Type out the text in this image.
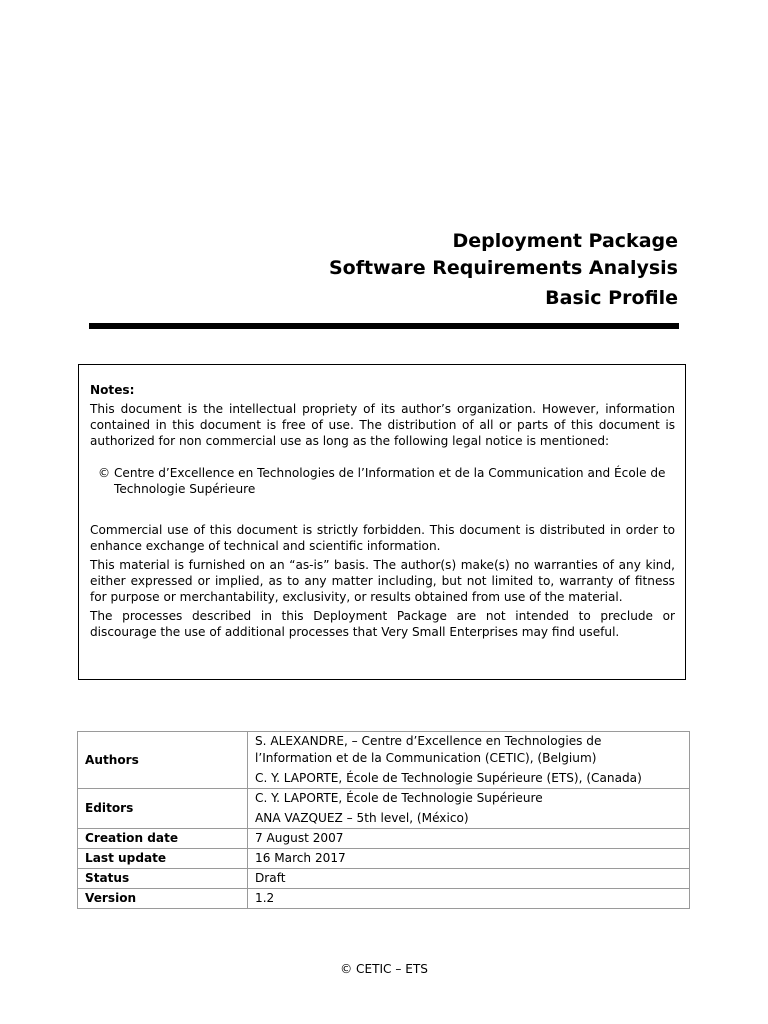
Deployment Package
Software Requirements Analysis
Basic Profile

Notes:

This document is the intellectual propriety of its author’s organization. However, information contained in this document is free of use. The distribution of all or parts of this document is authorized for non commercial use as long as the following legal notice is mentioned:

© Centre d’Excellence en Technologies de l’Information et de la Communication and École de Technologie Supérieure

Commercial use of this document is strictly forbidden. This document is distributed in order to enhance exchange of technical and scientific information.

This material is furnished on an “as-is” basis. The author(s) make(s) no warranties of any kind, either expressed or implied, as to any matter including, but not limited to, warranty of fitness for purpose or merchantability, exclusivity, or results obtained from use of the material.

The processes described in this Deployment Package are not intended to preclude or discourage the use of additional processes that Very Small Enterprises may find useful.

Authors	S. ALEXANDRE, – Centre d’Excellence en Technologies de l’Information et de la Communication (CETIC), (Belgium)
C. Y. LAPORTE, École de Technologie Supérieure (ETS), (Canada)

Editors	C. Y. LAPORTE, École de Technologie Supérieure
ANA VAZQUEZ – 5th level, (México)

Creation date	7 August 2007
Last update	16 March 2017
Status	Draft
Version	1.2
© CETIC – ETS
